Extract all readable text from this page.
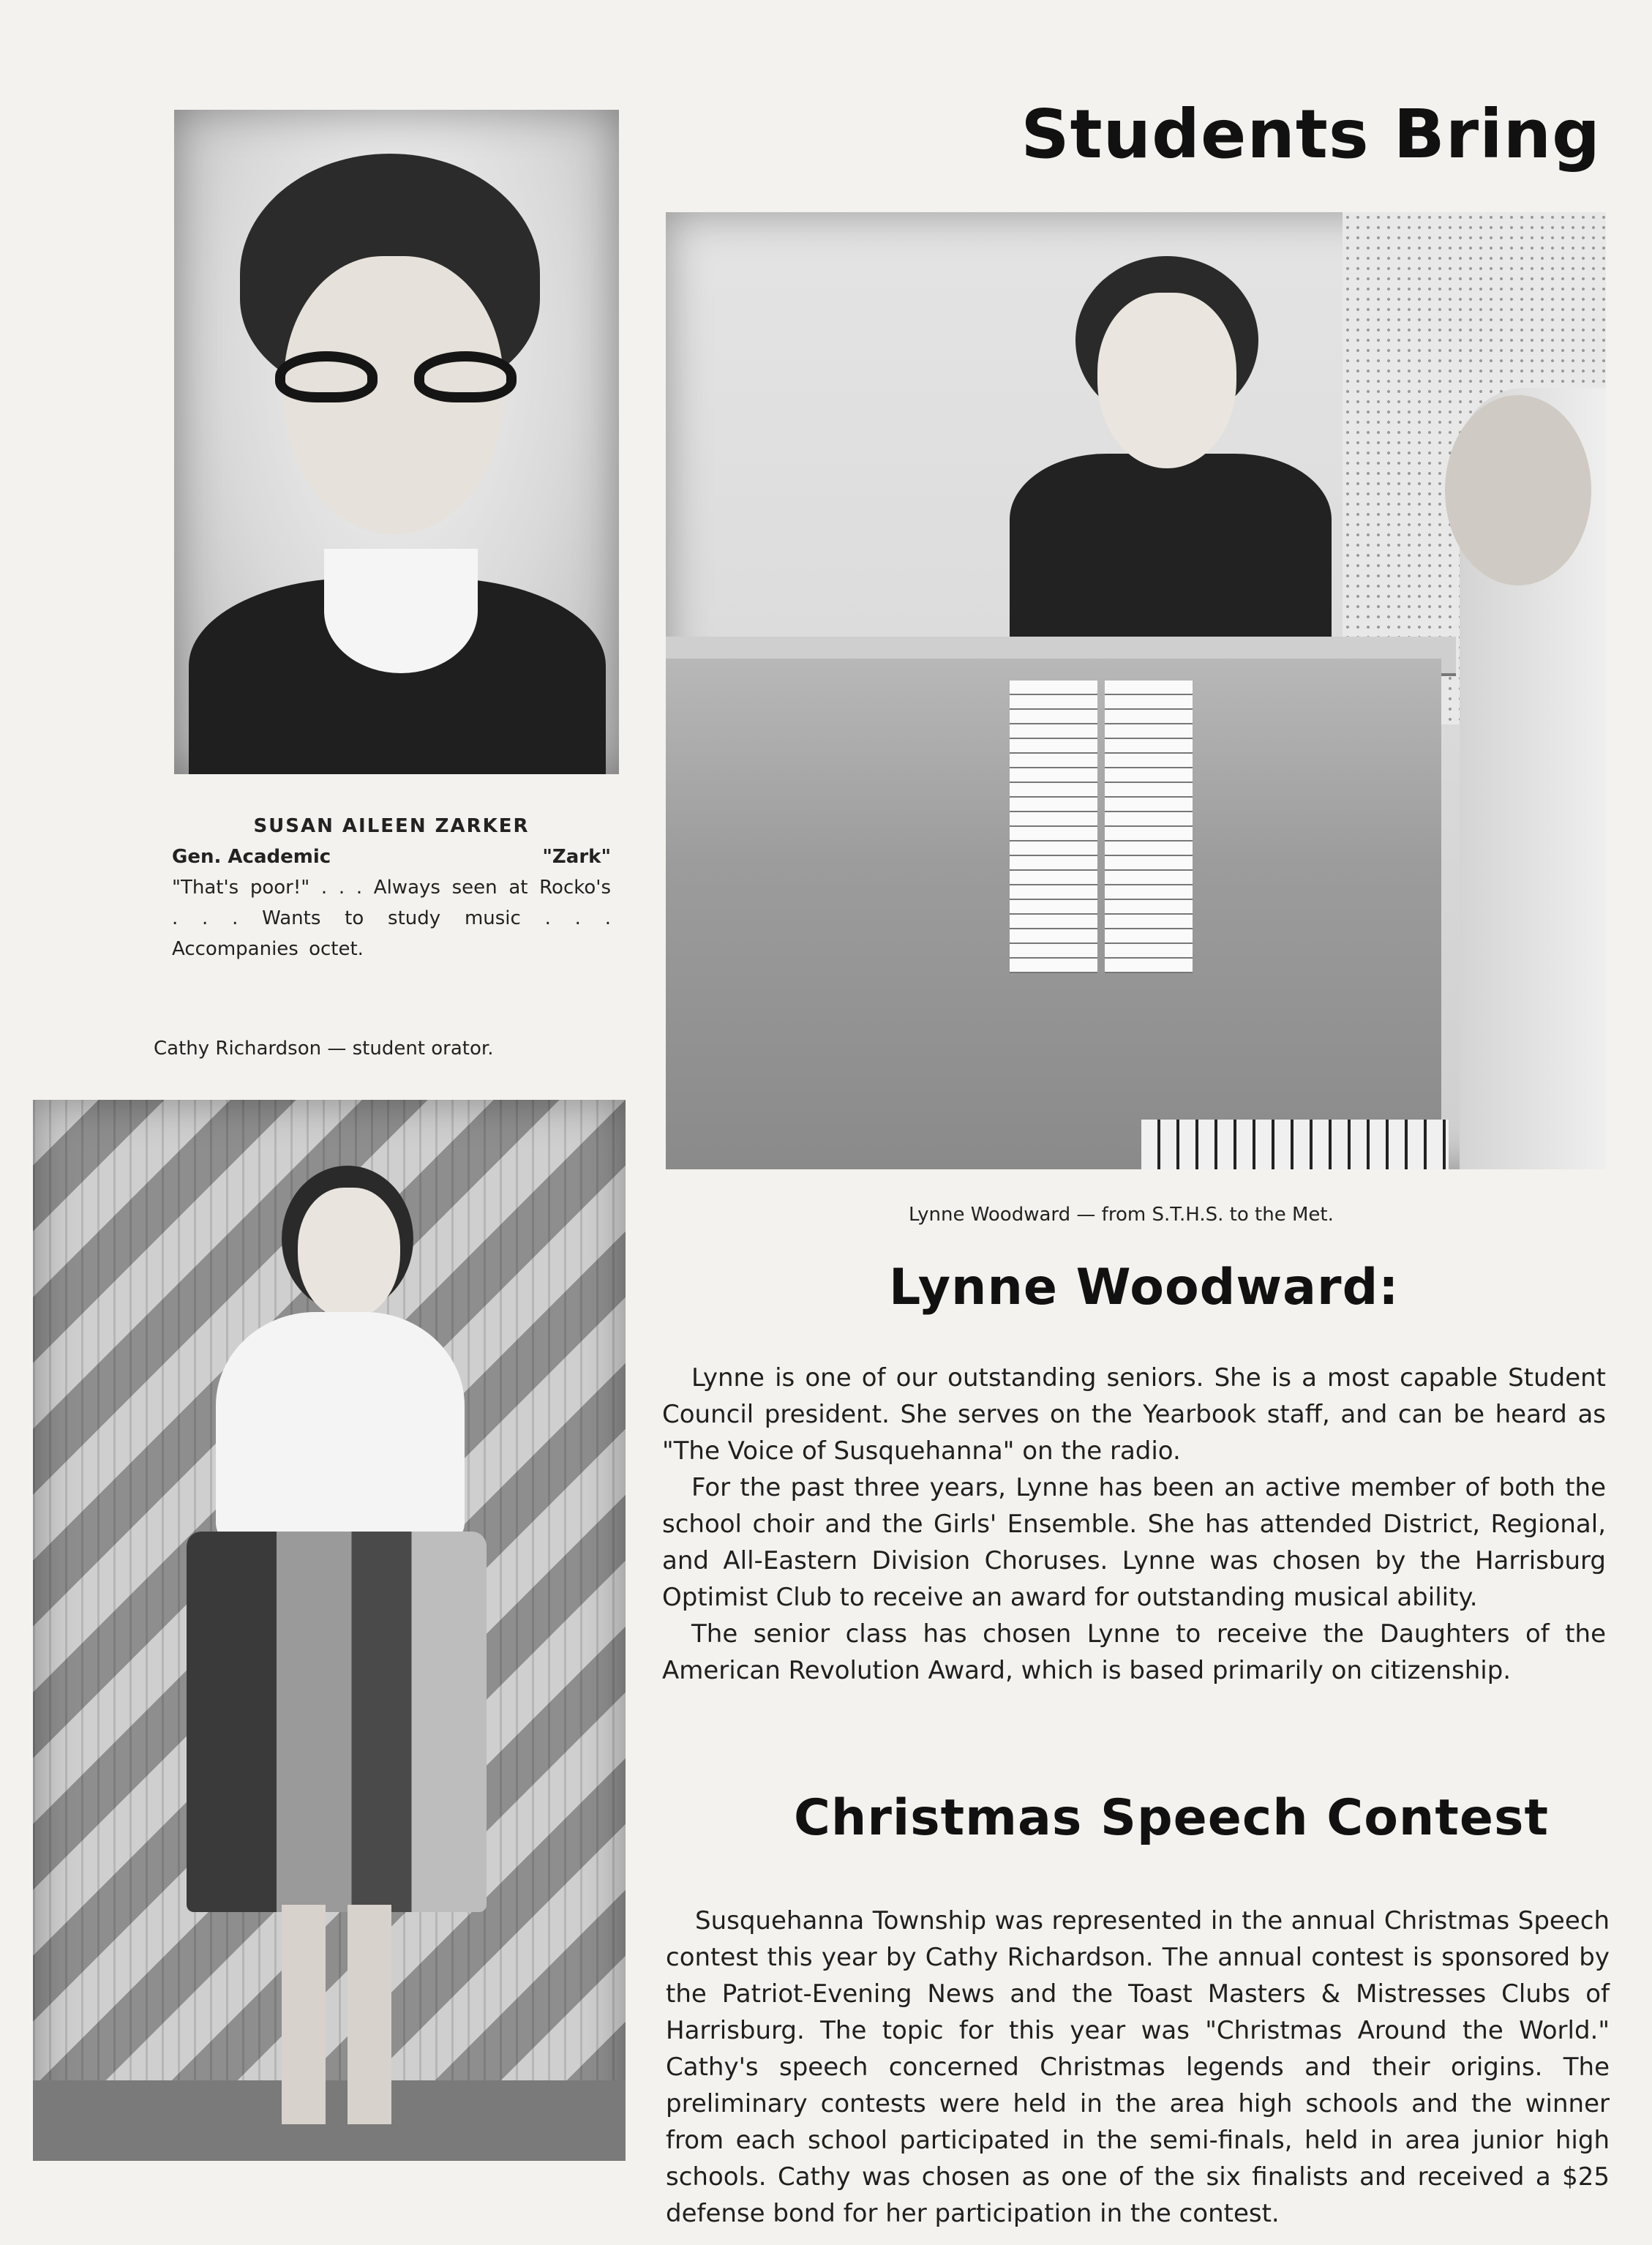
Students Bring
SUSAN AILEEN ZARKER
Gen. Academic	"Zark"
"That's poor!" . . . Always seen at Rocko's . . . Wants to study music . . . Accompanies octet.
Cathy Richardson — student orator.
Lynne Woodward — from S.T.H.S. to the Met.
Lynne Woodward:

Lynne is one of our outstanding seniors. She is a most capable Student Council president. She serves on the Yearbook staff, and can be heard as "The Voice of Susquehanna" on the radio.

For the past three years, Lynne has been an active member of both the school choir and the Girls' Ensemble. She has attended District, Regional, and All-Eastern Division Choruses. Lynne was chosen by the Harrisburg Optimist Club to receive an award for outstanding musical ability.

The senior class has chosen Lynne to receive the Daughters of the American Revolution Award, which is based primarily on citizenship.

Christmas Speech Contest

Susquehanna Township was represented in the annual Christmas Speech contest this year by Cathy Richardson. The annual contest is sponsored by the Patriot-Evening News and the Toast Masters & Mistresses Clubs of Harrisburg. The topic for this year was "Christmas Around the World." Cathy's speech concerned Christmas legends and their origins. The preliminary contests were held in the area high schools and the winner from each school participated in the semi-finals, held in area junior high schools. Cathy was chosen as one of the six finalists and received a $25 defense bond for her participation in the contest.
